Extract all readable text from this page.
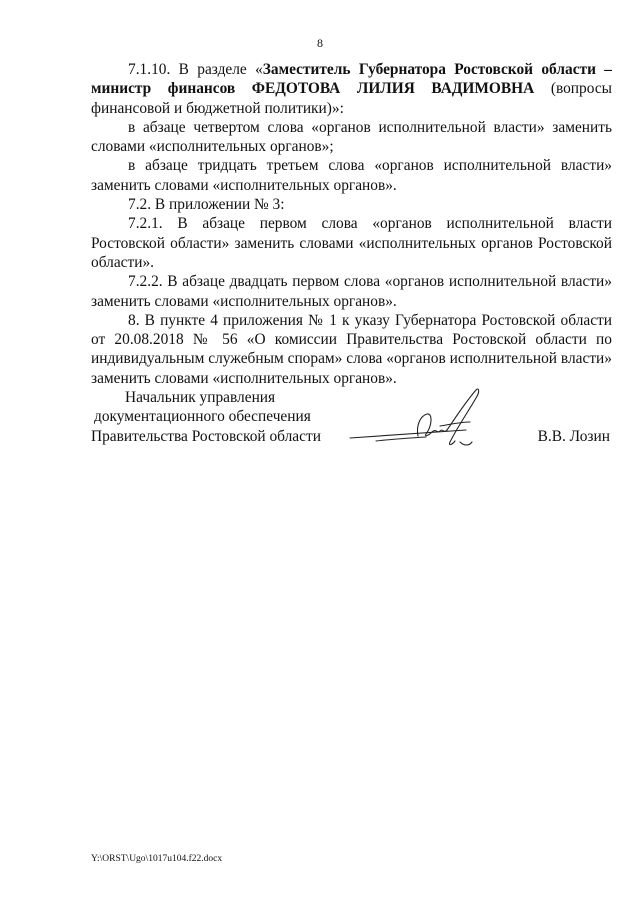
8

7.1.10. В разделе «Заместитель Губернатора Ростовской области – министр финансов ФЕДОТОВА ЛИЛИЯ ВАДИМОВНА (вопросы финансовой и бюджетной политики)»:

в абзаце четвертом слова «органов исполнительной власти» заменить словами «исполнительных органов»;

в абзаце тридцать третьем слова «органов исполнительной власти» заменить словами «исполнительных органов».

7.2. В приложении № 3:

7.2.1. В абзаце первом слова «органов исполнительной власти Ростовской области» заменить словами «исполнительных органов Ростовской области».

7.2.2. В абзаце двадцать первом слова «органов исполнительной власти» заменить словами «исполнительных органов».

8. В пункте 4 приложения № 1 к указу Губернатора Ростовской области от 20.08.2018 № 56 «О комиссии Правительства Ростовской области по индивидуальным служебным спорам» слова «органов исполнительной власти» заменить словами «исполнительных органов».

Начальник управления
документационного обеспечения
Правительства Ростовской области	В.В. Лозин
Y:\ORST\Ugo\1017u104.f22.docx
